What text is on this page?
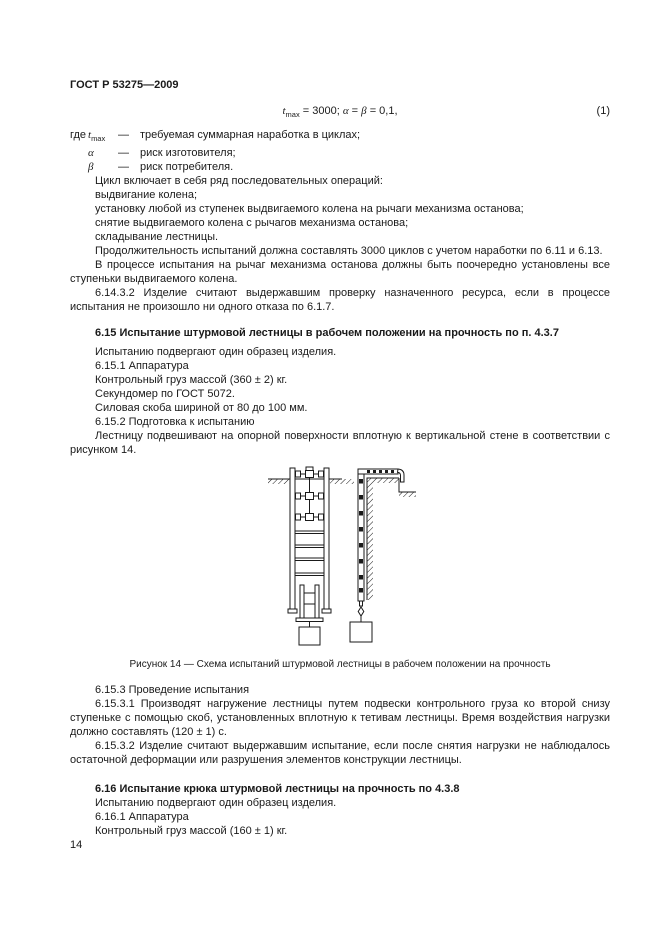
ГОСТ Р 53275—2009
$t_{max} = 3000$; α = β = 0,1,	(1)
где $t_{max}$	—	требуемая суммарная наработка в циклах;
α	—	риск изготовителя;
β	—	риск потребителя.

Цикл включает в себя ряд последовательных операций:

выдвигание колена;

установку любой из ступенек выдвигаемого колена на рычаги механизма останова;

снятие выдвигаемого колена с рычагов механизма останова;

складывание лестницы.

Продолжительность испытаний должна составлять 3000 циклов с учетом наработки по 6.11 и 6.13.

В процессе испытания на рычаг механизма останова должны быть поочередно установлены все ступеньки выдвигаемого колена.

6.14.3.2 Изделие считают выдержавшим проверку назначенного ресурса, если в процессе испытания не произошло ни одного отказа по 6.1.7.

6.15 Испытание штурмовой лестницы в рабочем положении на прочность по п. 4.3.7

Испытанию подвергают один образец изделия.

6.15.1 Аппаратура

Контрольный груз массой (360 ± 2) кг.

Секундомер по ГОСТ 5072.

Силовая скоба шириной от 80 до 100 мм.

6.15.2 Подготовка к испытанию

Лестницу подвешивают на опорной поверхности вплотную к вертикальной стене в соответствии с рисунком 14.

Рисунок 14 — Схема испытаний штурмовой лестницы в рабочем положении на прочность

6.15.3 Проведение испытания

6.15.3.1 Производят нагружение лестницы путем подвески контрольного груза ко второй снизу ступеньке с помощью скоб, установленных вплотную к тетивам лестницы. Время воздействия нагрузки должно составлять (120 ± 1) с.

6.15.3.2 Изделие считают выдержавшим испытание, если после снятия нагрузки не наблюдалось остаточной деформации или разрушения элементов конструкции лестницы.

6.16 Испытание крюка штурмовой лестницы на прочность по 4.3.8

Испытанию подвергают один образец изделия.

6.16.1 Аппаратура

Контрольный груз массой (160 ± 1) кг.

14
